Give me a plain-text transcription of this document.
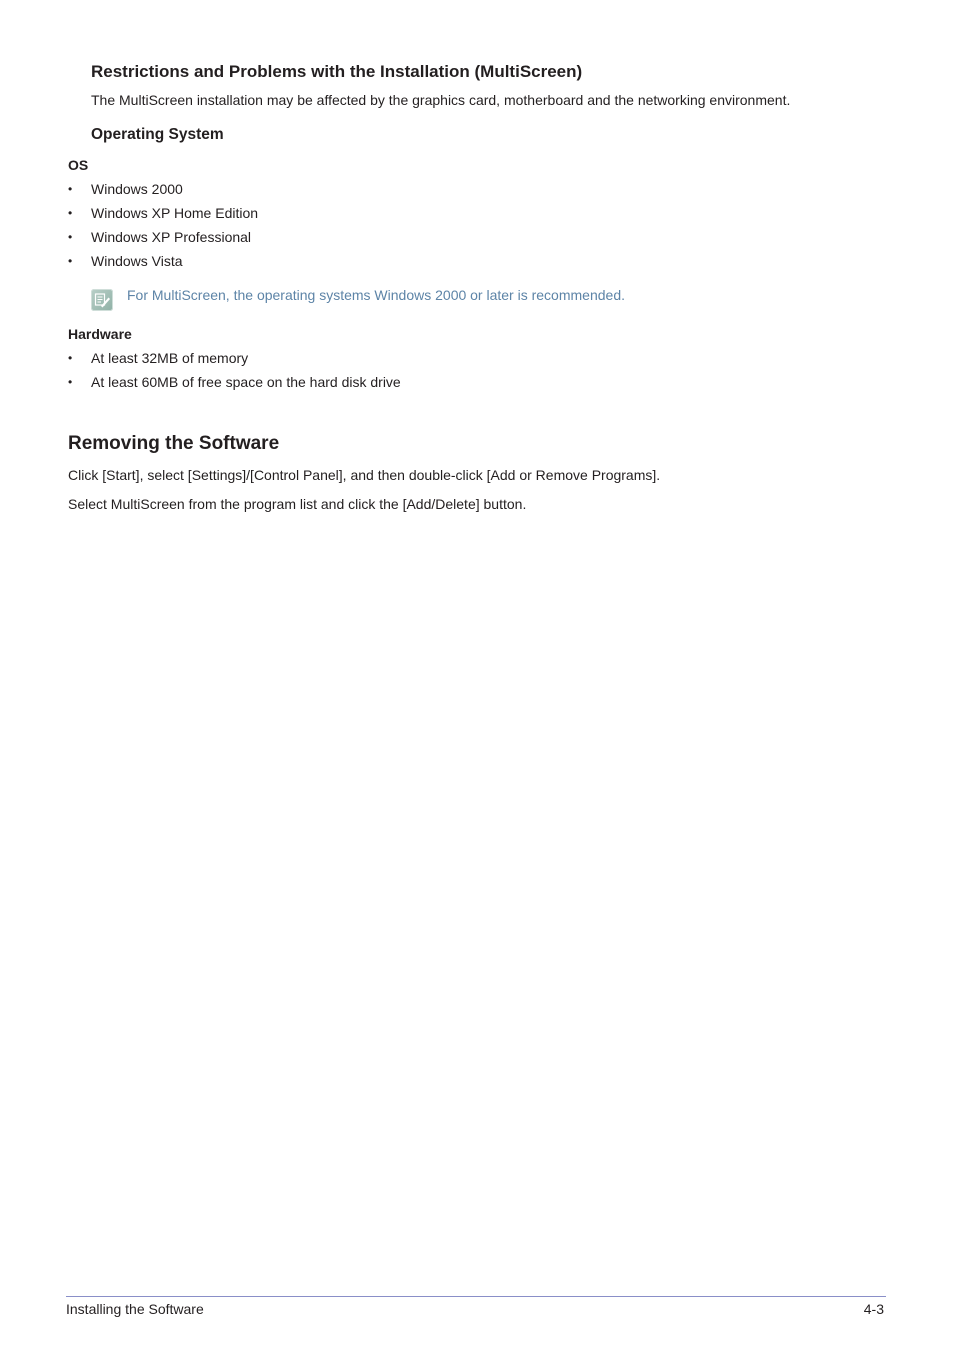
Restrictions and Problems with the Installation (MultiScreen)
The MultiScreen installation may be affected by the graphics card, motherboard and the networking environment.
Operating System
OS
• Windows 2000
• Windows XP Home Edition
• Windows XP Professional
• Windows Vista
For MultiScreen, the operating systems Windows 2000 or later is recommended.
Hardware
• At least 32MB of memory
• At least 60MB of free space on the hard disk drive
Removing the Software
Click [Start], select [Settings]/[Control Panel], and then double-click [Add or Remove Programs].
Select MultiScreen from the program list and click the [Add/Delete] button.
Installing the Software	4-3
